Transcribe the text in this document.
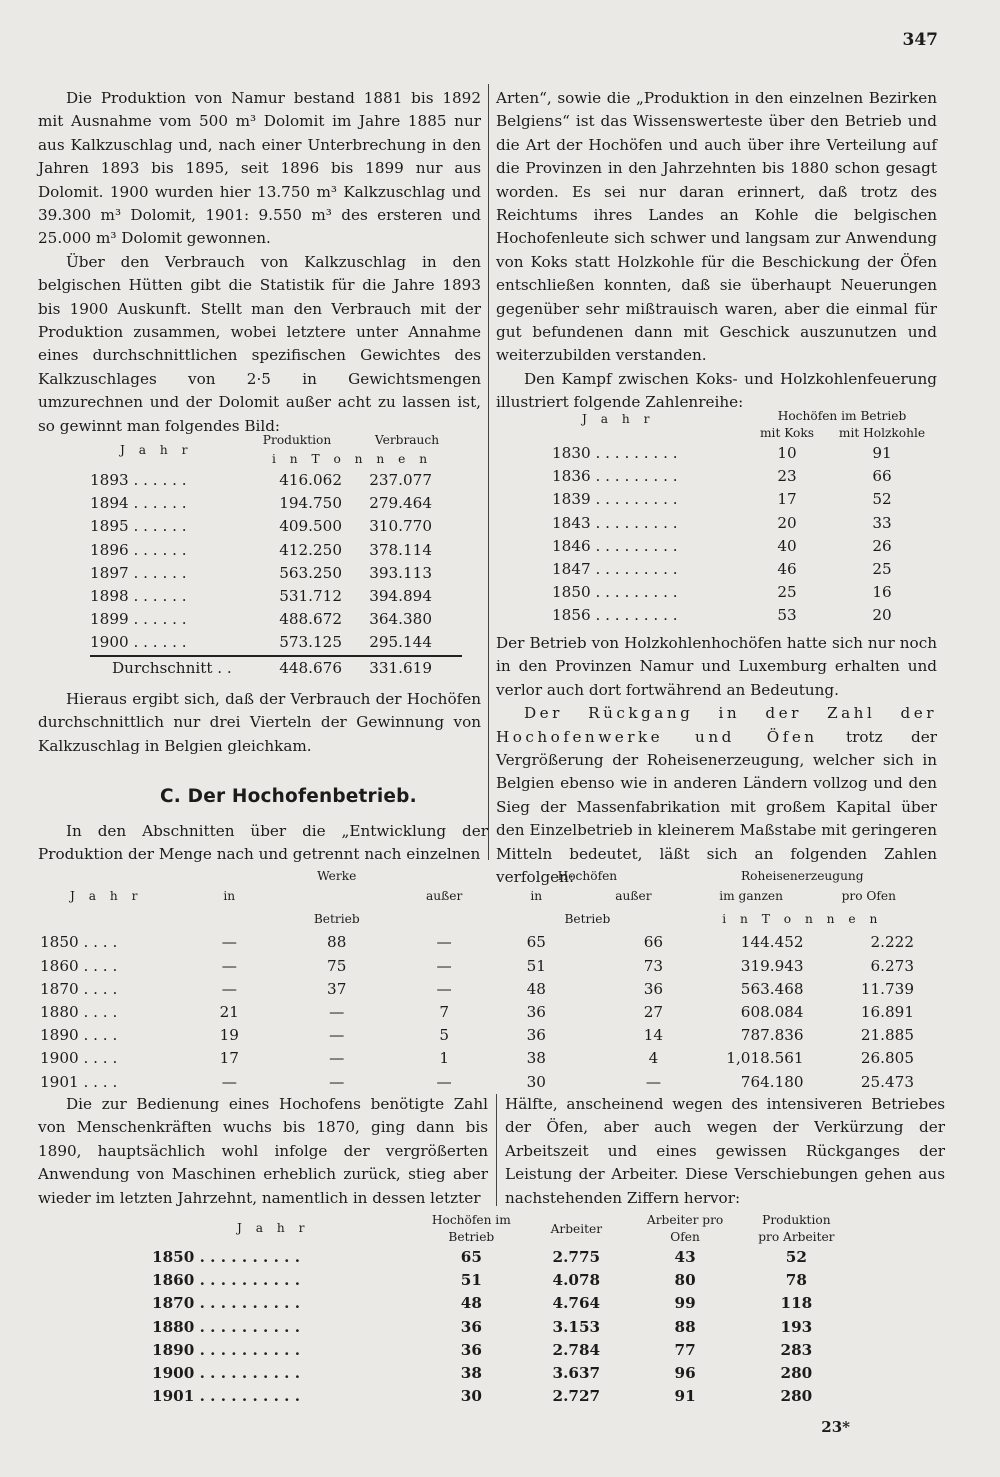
347

Die Produktion von Namur bestand 1881 bis 1892 mit Ausnahme vom 500 m³ Dolomit im Jahre 1885 nur aus Kalkzuschlag und, nach einer Unterbrechung in den Jahren 1893 bis 1895, seit 1896 bis 1899 nur aus Dolomit. 1900 wurden hier 13.750 m³ Kalkzuschlag und 39.300 m³ Dolomit, 1901: 9.550 m³ des ersteren und 25.000 m³ Dolomit gewonnen.

Über den Verbrauch von Kalkzuschlag in den belgischen Hütten gibt die Statistik für die Jahre 1893 bis 1900 Auskunft. Stellt man den Verbrauch mit der Produktion zusammen, wobei letztere unter Annahme eines durchschnittlichen spezifischen Gewichtes des Kalkzuschlages von 2·5 in Gewichtsmengen umzurechnen und der Dolomit außer acht zu lassen ist, so gewinnt man folgendes Bild:

J a h r	Produktion	Verbrauch
	i n T o n n e n	
1893 . . . . . .	416.062	237.077
1894 . . . . . .	194.750	279.464
1895 . . . . . .	409.500	310.770
1896 . . . . . .	412.250	378.114
1897 . . . . . .	563.250	393.113
1898 . . . . . .	531.712	394.894
1899 . . . . . .	488.672	364.380
1900 . . . . . .	573.125	295.144
Durchschnitt . .	448.676	331.619

Hieraus ergibt sich, daß der Verbrauch der Hochöfen durchschnittlich nur drei Vierteln der Gewinnung von Kalkzuschlag in Belgien gleichkam.

C. Der Hochofenbetrieb.

In den Abschnitten über die „Entwicklung der Produktion der Menge nach und getrennt nach einzelnen

Arten“, sowie die „Produktion in den einzelnen Bezirken Belgiens“ ist das Wissenswerteste über den Betrieb und die Art der Hochöfen und auch über ihre Verteilung auf die Provinzen in den Jahrzehnten bis 1880 schon gesagt worden. Es sei nur daran erinnert, daß trotz des Reichtums ihres Landes an Kohle die belgischen Hochofenleute sich schwer und langsam zur Anwendung von Koks statt Holzkohle für die Beschickung der Öfen entschließen konnten, daß sie überhaupt Neuerungen gegenüber sehr mißtrauisch waren, aber die einmal für gut befundenen dann mit Geschick auszunutzen und weiterzubilden verstanden.

Den Kampf zwischen Koks- und Holzkohlenfeuerung illustriert folgende Zahlenreihe:

J a h r	Hochöfen im Betrieb	
	mit Koks	mit Holzkohle
1830 . . . . . . . . .	10	91
1836 . . . . . . . . .	23	66
1839 . . . . . . . . .	17	52
1843 . . . . . . . . .	20	33
1846 . . . . . . . . .	40	26
1847 . . . . . . . . .	46	25
1850 . . . . . . . . .	25	16
1856 . . . . . . . . .	53	20

Der Betrieb von Holzkohlenhochöfen hatte sich nur noch in den Provinzen Namur und Luxemburg erhalten und verlor auch dort fortwährend an Bedeutung.

Der Rückgang in der Zahl der Hochofenwerke und Öfen trotz der Vergrößerung der Roheisenerzeugung, welcher sich in Belgien ebenso wie in anderen Ländern vollzog und den Sieg der Massenfabrikation mit großem Kapital über den Einzelbetrieb in kleinerem Maßstabe mit geringeren Mitteln bedeutet, läßt sich an folgenden Zahlen verfolgen:

	Werke			Hochöfen		Roheisenerzeugung	
J a h r	in		außer	in	außer	im ganzen	pro Ofen
	Betrieb			Betrieb		i n T o n n e n	
1850 . . . .	—	88	—	65	66	144.452	2.222
1860 . . . .	—	75	—	51	73	319.943	6.273
1870 . . . .	—	37	—	48	36	563.468	11.739
1880 . . . .	21	—	7	36	27	608.084	16.891
1890 . . . .	19	—	5	36	14	787.836	21.885
1900 . . . .	17	—	1	38	4	1,018.561	26.805
1901 . . . .	—	—	—	30	—	764.180	25.473

Die zur Bedienung eines Hochofens benötigte Zahl von Menschenkräften wuchs bis 1870, ging dann bis 1890, hauptsächlich wohl infolge der vergrößerten Anwendung von Maschinen erheblich zurück, stieg aber wieder im letzten Jahrzehnt, namentlich in dessen letzter

Hälfte, anscheinend wegen des intensiveren Betriebes der Öfen, aber auch wegen der Verkürzung der Arbeitszeit und eines gewissen Rückganges der Leistung der Arbeiter. Diese Verschiebungen gehen aus nachstehenden Ziffern hervor:

J a h r	Hochöfen im	Arbeiter	Arbeiter pro	Produktion
	Betrieb		Ofen	pro Arbeiter
1850 . . . . . . . . . .	65	2.775	43	52
1860 . . . . . . . . . .	51	4.078	80	78
1870 . . . . . . . . . .	48	4.764	99	118
1880 . . . . . . . . . .	36	3.153	88	193
1890 . . . . . . . . . .	36	2.784	77	283
1900 . . . . . . . . . .	38	3.637	96	280
1901 . . . . . . . . . .	30	2.727	91	280
23*
